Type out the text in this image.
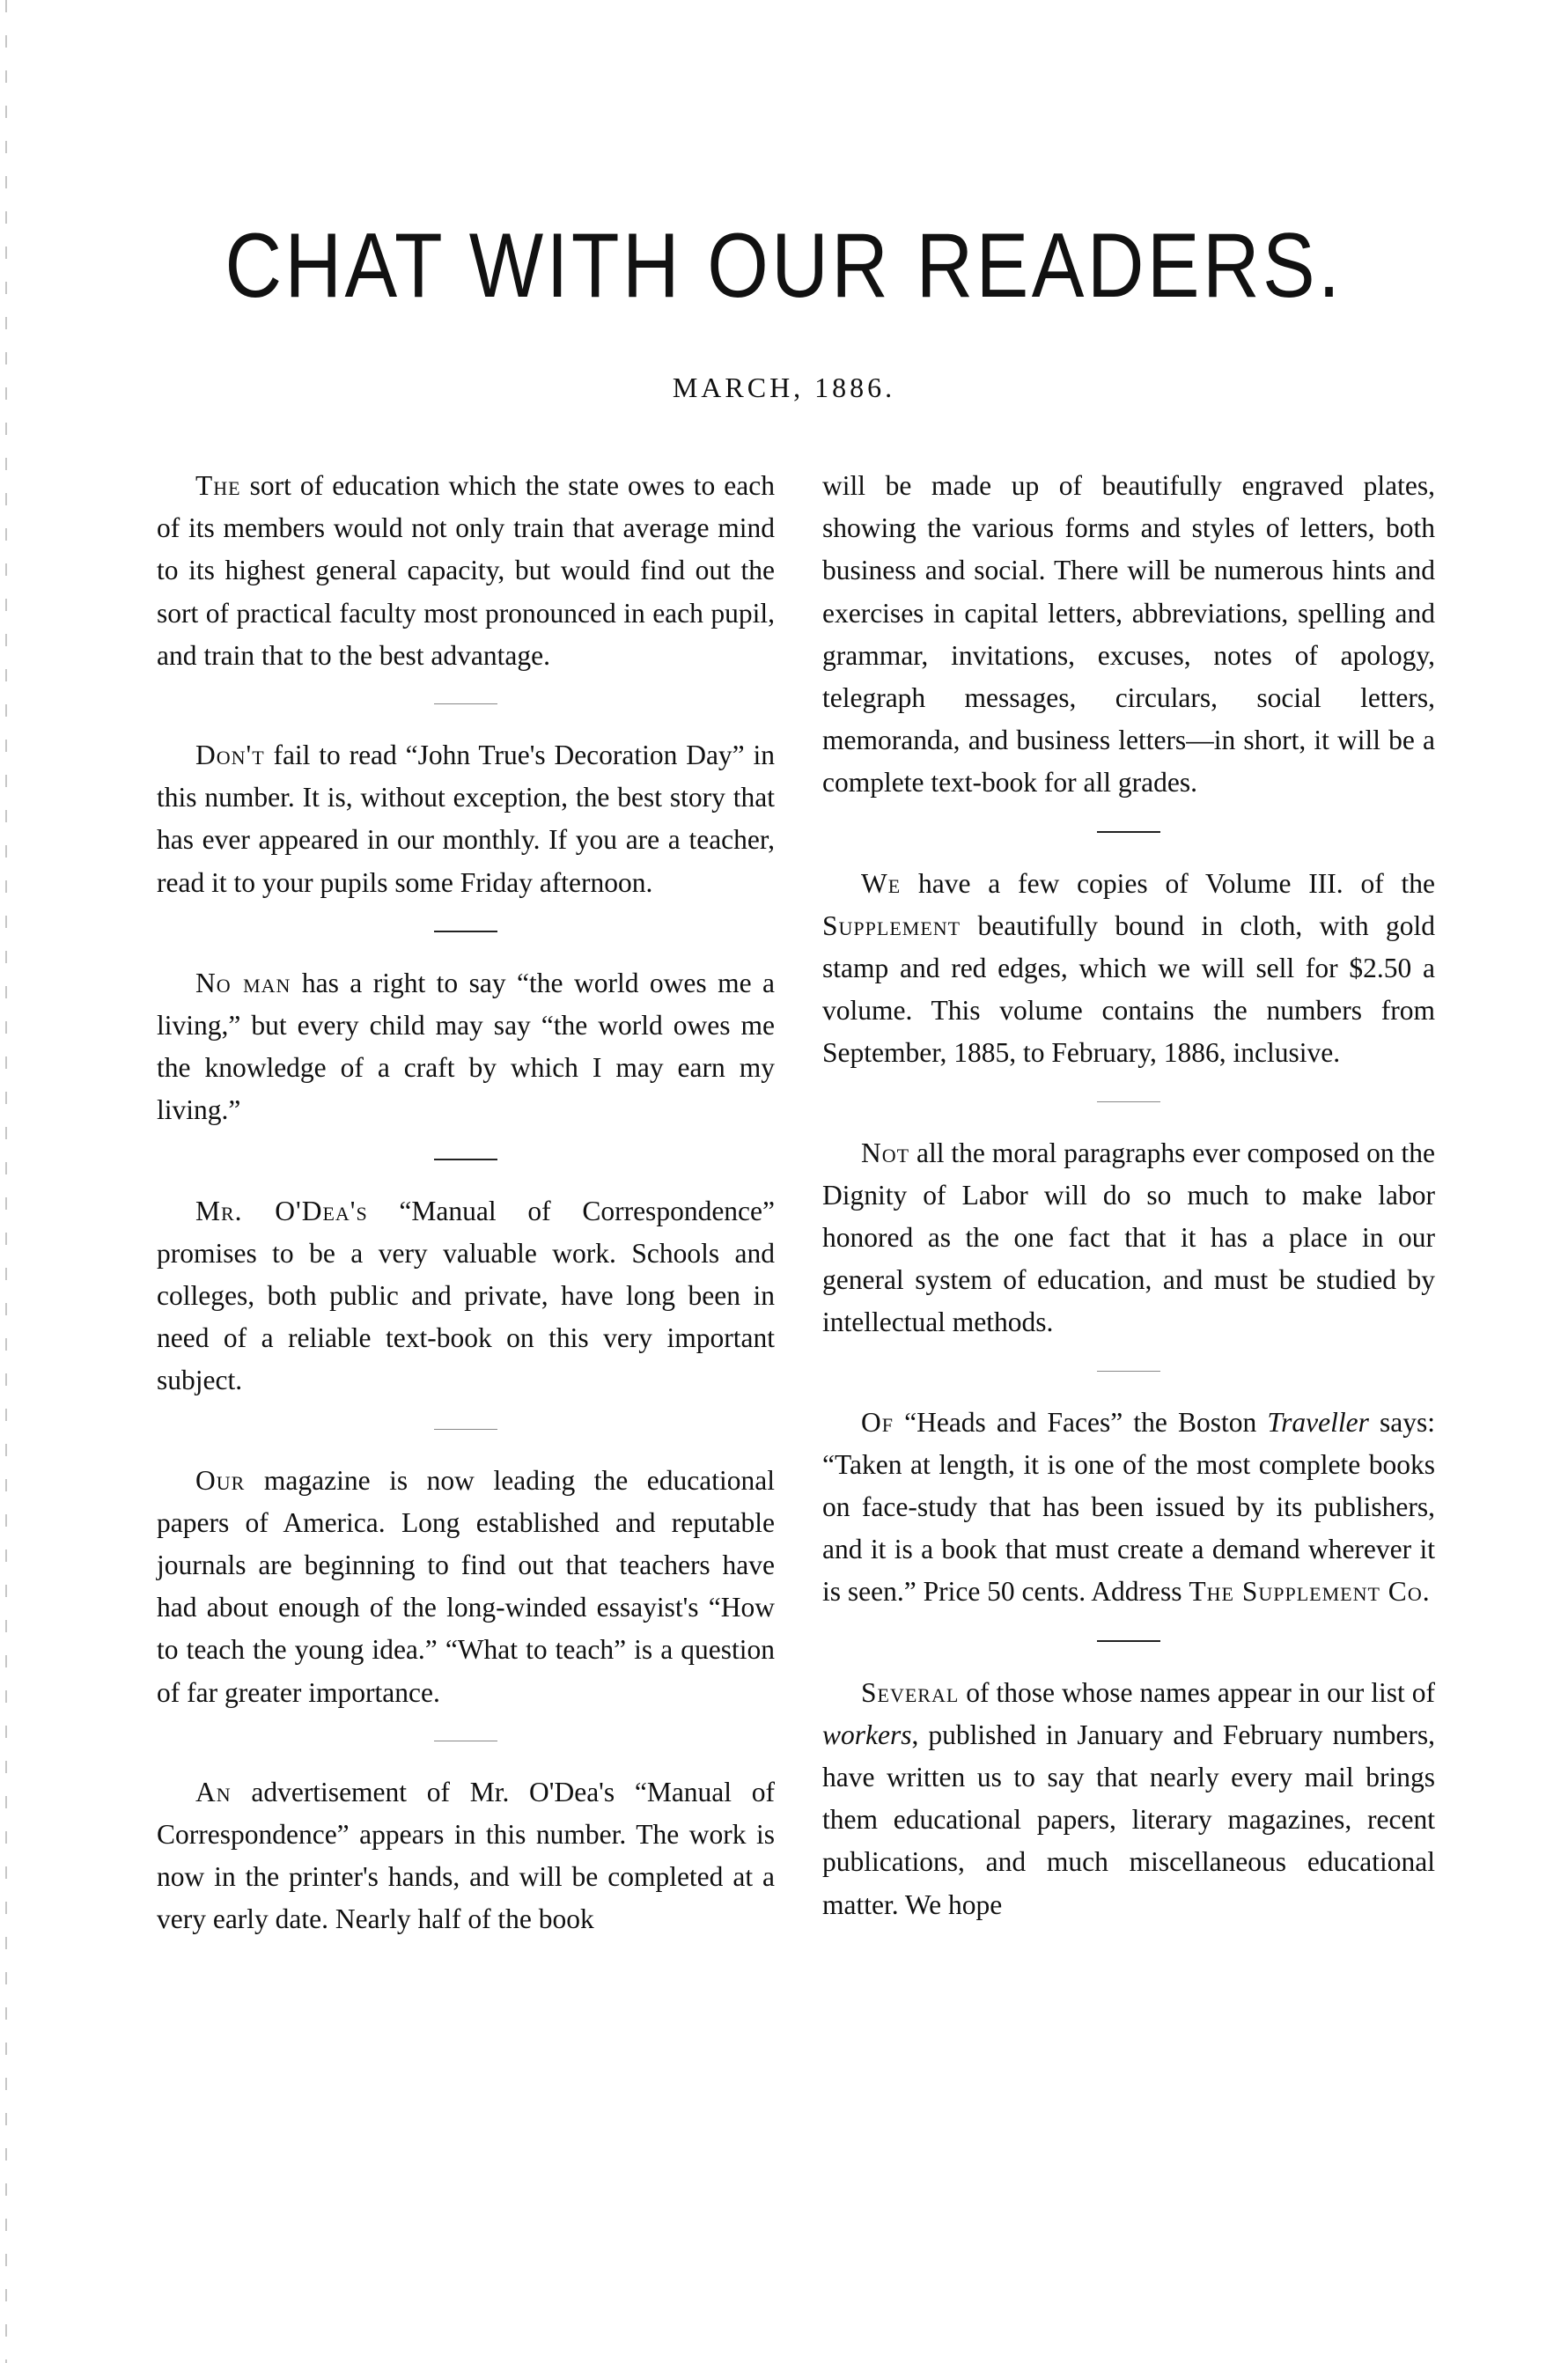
CHAT WITH OUR READERS.
MARCH, 1886.

The sort of education which the state owes to each of its members would not only train that average mind to its highest general capacity, but would find out the sort of practical faculty most pronounced in each pupil, and train that to the best advantage.

Don't fail to read “John True's Decoration Day” in this number. It is, without exception, the best story that has ever appeared in our monthly. If you are a teacher, read it to your pupils some Friday afternoon.

No man has a right to say “the world owes me a living,” but every child may say “the world owes me the knowledge of a craft by which I may earn my living.”

Mr. O'Dea's “Manual of Correspondence” promises to be a very valuable work. Schools and colleges, both public and private, have long been in need of a reliable text-book on this very important subject.

Our magazine is now leading the educational papers of America. Long established and reputable journals are beginning to find out that teachers have had about enough of the long-winded essayist's “How to teach the young idea.” “What to teach” is a question of far greater importance.

An advertisement of Mr. O'Dea's “Manual of Correspondence” appears in this number. The work is now in the printer's hands, and will be completed at a very early date. Nearly half of the book

will be made up of beautifully engraved plates, showing the various forms and styles of letters, both business and social. There will be numerous hints and exercises in capital letters, abbreviations, spelling and grammar, invitations, excuses, notes of apology, telegraph messages, circulars, social letters, memoranda, and business letters—in short, it will be a complete text-book for all grades.

We have a few copies of Volume III. of the Supplement beautifully bound in cloth, with gold stamp and red edges, which we will sell for $2.50 a volume. This volume contains the numbers from September, 1885, to February, 1886, inclusive.

Not all the moral paragraphs ever composed on the Dignity of Labor will do so much to make labor honored as the one fact that it has a place in our general system of education, and must be studied by intellectual methods.

Of “Heads and Faces” the Boston Traveller says: “Taken at length, it is one of the most complete books on face-study that has been issued by its publishers, and it is a book that must create a demand wherever it is seen.” Price 50 cents. Address The Supplement Co.

Several of those whose names appear in our list of workers, published in January and February numbers, have written us to say that nearly every mail brings them educational papers, literary magazines, recent publications, and much miscellaneous educational matter. We hope
